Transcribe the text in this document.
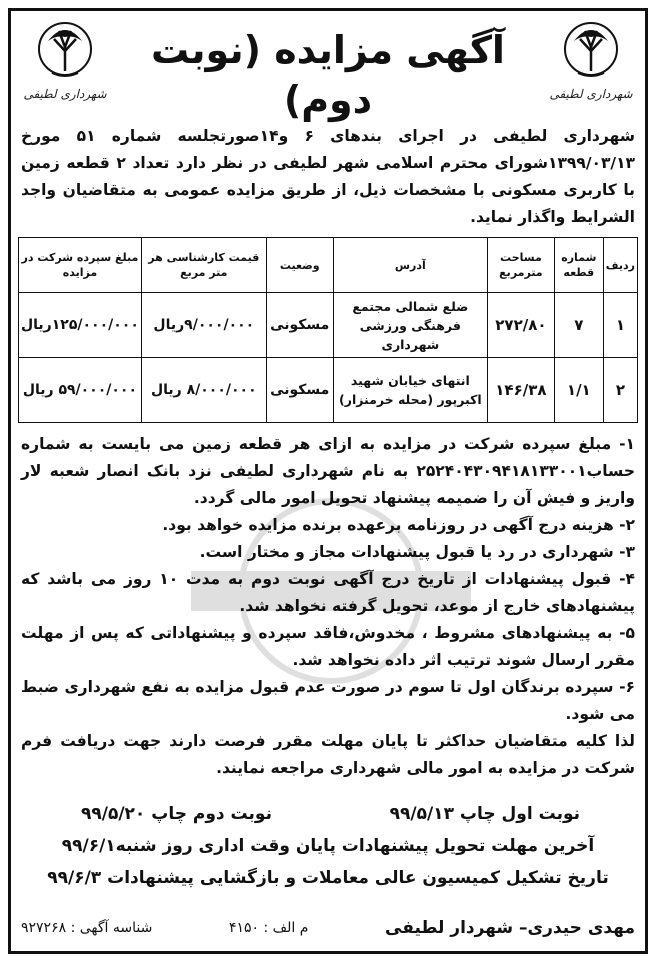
شهرداری لطیفی
آگهی مزایده (نوبت دوم)	شهرداری لطیفی
شهرداری لطیفی در اجرای بندهای ۶ و۱۴صورتجلسه شماره ۵۱ مورخ ۱۳۹۹/۰۳/۱۳شورای محترم اسلامی شهر لطیفی در نظر دارد تعداد ۲ قطعه زمین با کاربری مسکونی با مشخصات ذیل، از طریق مزایده عمومی به متقاضیان واجد الشرایط واگذار نماید.
ردیف	شماره قطعه	مساحت مترمربع	آدرس	وضعیت	قیمت کارشناسی هر متر مربع	مبلغ سپرده شرکت در مزایده
۱	۷	۲۷۲/۸۰	ضلع شمالی مجتمع فرهنگی ورزشی شهرداری	مسکونی	۹/۰۰۰/۰۰۰ریال	۱۲۵/۰۰۰/۰۰۰ریال
۲	۱/۱	۱۴۶/۳۸	انتهای خیابان شهید اکبرپور (محله خرمنزار)	مسکونی	۸/۰۰۰/۰۰۰ ریال	۵۹/۰۰۰/۰۰۰ ریال

۱- مبلغ سپرده شرکت در مزایده به ازای هر قطعه زمین می بایست به شماره حساب۲۵۲۴۰۴۳۰۹۴۱۸۱۳۳۰۰۱ به نام شهرداری لطیفی نزد بانک انصار شعبه لار واریز و فیش آن را ضمیمه پیشنهاد تحویل امور مالی گردد.

۲- هزینه درج آگهی در روزنامه برعهده برنده مزایده خواهد بود.

۳- شهرداری در رد یا قبول پیشنهادات مجاز و مختار است.

۴- قبول پیشنهادات از تاریخ درج آگهی نوبت دوم به مدت ۱۰ روز می باشد که پیشنهادهای خارج از موعد، تحویل گرفته نخواهد شد.

۵- به پیشنهادهای مشروط ، مخدوش،فاقد سپرده و پیشنهاداتی که پس از مهلت مقرر ارسال شوند ترتیب اثر داده نخواهد شد.

۶- سپرده برندگان اول تا سوم در صورت عدم قبول مزایده به نفع شهرداری ضبط می شود.

لذا کلیه متقاضیان حداکثر تا پایان مهلت مقرر فرصت دارند جهت دریافت فرم شرکت در مزایده به امور مالی شهرداری مراجعه نمایند.

نوبت اول چاپ ۹۹/۵/۱۳
نوبت دوم چاپ ۹۹/۵/۲۰
آخرین مهلت تحویل پیشنهادات پایان وقت اداری روز شنبه۹۹/۶/۱
تاریخ تشکیل کمیسیون عالی معاملات و بازگشایی پیشنهادات ۹۹/۶/۳
مهدی حیدری– شهردار لطیفی
م الف : ۴۱۵۰
شناسه آگهی : ۹۲۷۲۶۸
